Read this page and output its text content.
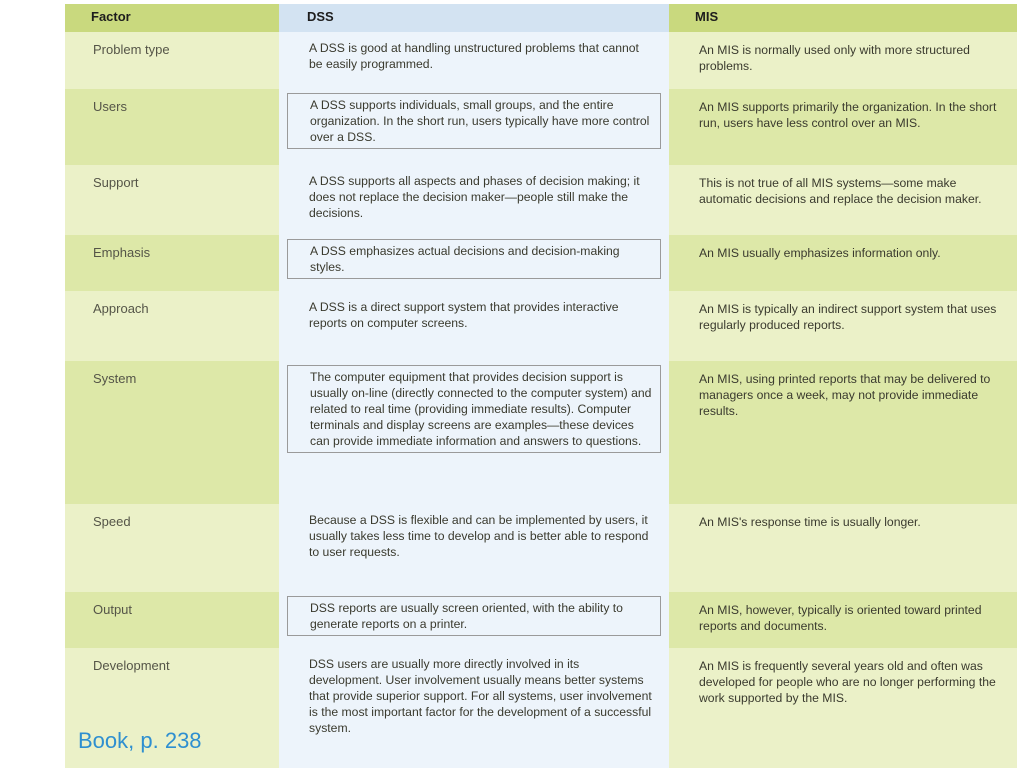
Factor	DSS	MIS
Problem type	A DSS is good at handling unstructured problems that cannot be easily programmed.	An MIS is normally used only with more structured problems.
Users	A DSS supports individuals, small groups, and the entire organization. In the short run, users typically have more control over a DSS.	An MIS supports primarily the organization. In the short run, users have less control over an MIS.
Support	A DSS supports all aspects and phases of decision making; it does not replace the decision maker—people still make the decisions.	This is not true of all MIS systems—some make automatic decisions and replace the decision maker.
Emphasis	A DSS emphasizes actual decisions and decision-making styles.	An MIS usually emphasizes information only.
Approach	A DSS is a direct support system that provides interactive reports on computer screens.	An MIS is typically an indirect support system that uses regularly produced reports.
System	The computer equipment that provides decision support is usually on-line (directly connected to the computer system) and related to real time (providing immediate results). Computer terminals and display screens are examples—these devices can provide immediate information and answers to questions.	An MIS, using printed reports that may be delivered to managers once a week, may not provide immediate results.
Speed	Because a DSS is flexible and can be implemented by users, it usually takes less time to develop and is better able to respond to user requests.	An MIS's response time is usually longer.
Output	DSS reports are usually screen oriented, with the ability to generate reports on a printer.	An MIS, however, typically is oriented toward printed reports and documents.
Development	DSS users are usually more directly involved in its development. User involvement usually means better systems that provide superior support. For all systems, user involvement is the most important factor for the development of a successful system.	An MIS is frequently several years old and often was developed for people who are no longer performing the work supported by the MIS.
Book, p. 238
